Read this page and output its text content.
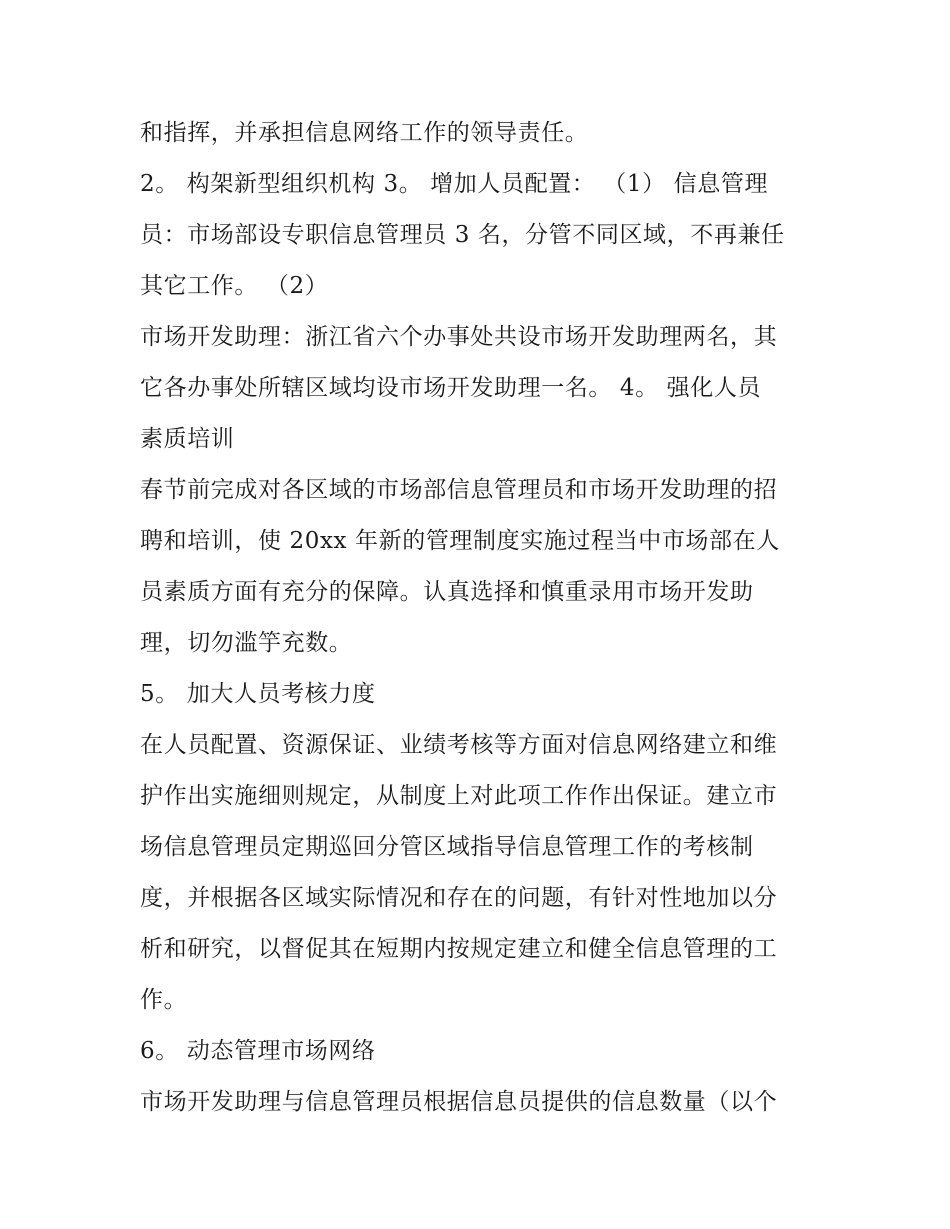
和指挥，并承担信息网络工作的领导责任。
2。 构架新型组织机构 3。 增加人员配置： （1） 信息管理
员：市场部设专职信息管理员 3 名，分管不同区域，不再兼任
其它工作。 （2）
市场开发助理：浙江省六个办事处共设市场开发助理两名，其
它各办事处所辖区域均设市场开发助理一名。 4。 强化人员
素质培训
春节前完成对各区域的市场部信息管理员和市场开发助理的招
聘和培训，使 20xx 年新的管理制度实施过程当中市场部在人
员素质方面有充分的保障。认真选择和慎重录用市场开发助
理，切勿滥竽充数。
5。 加大人员考核力度
在人员配置、资源保证、业绩考核等方面对信息网络建立和维
护作出实施细则规定，从制度上对此项工作作出保证。建立市
场信息管理员定期巡回分管区域指导信息管理工作的考核制
度，并根据各区域实际情况和存在的问题，有针对性地加以分
析和研究，以督促其在短期内按规定建立和健全信息管理的工
作。
6。 动态管理市场网络
市场开发助理与信息管理员根据信息员提供的信息数量（以个
